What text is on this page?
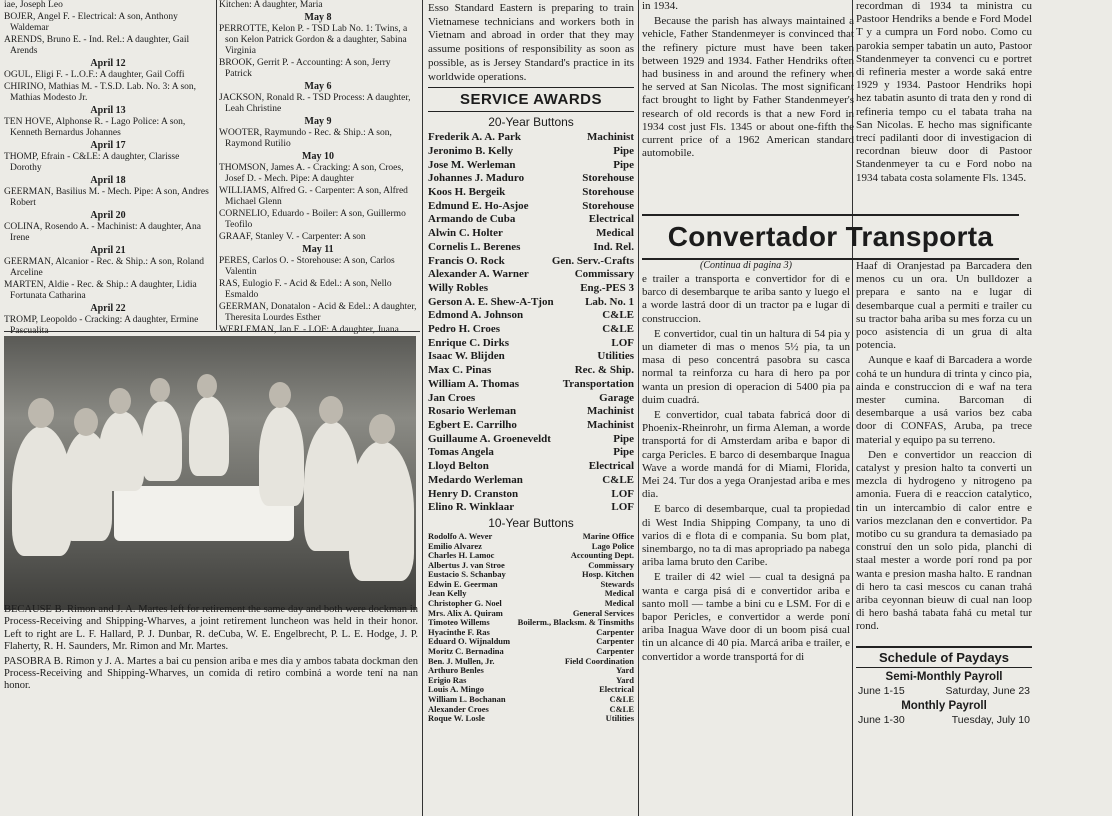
iae, Joseph Leo

BOJER, Angel F. - Electrical: A son, Anthony Waldemar

ARENDS, Bruno E. - Ind. Rel.: A daughter, Gail Arends

April 12

OGUL, Eligi F. - L.O.F.: A daughter, Gail Coffi

CHIRINO, Mathias M. - T.S.D. Lab. No. 3: A son, Mathias Modesto Jr.

April 13

TEN HOVE, Alphonse R. - Lago Police: A son, Kenneth Bernardus Johannes

April 17

THOMP, Efrain - C&LE: A daughter, Clarisse Dorothy

April 18

GEERMAN, Basilius M. - Mech. Pipe: A son, Andres Robert

April 20

COLINA, Rosendo A. - Machinist: A daughter, Ana Irene

April 21

GEERMAN, Alcanior - Rec. & Ship.: A son, Roland Arceline

MARTEN, Aldie - Rec. & Ship.: A daughter, Lidia Fortunata Catharina

April 22

TROMP, Leopoldo - Cracking: A daughter, Ermine Pascualita

Kitchen: A daughter, Maria

May 8

PERROTTE, Kelon P. - TSD Lab No. 1: Twins, a son Kelon Patrick Gordon & a daughter, Sabina Virginia

BROOK, Gerrit P. - Accounting: A son, Jerry Patrick

May 6

JACKSON, Ronald R. - TSD Process: A daughter, Leah Christine

May 9

WOOTER, Raymundo - Rec. & Ship.: A son, Raymond Rutilio

May 10

THOMSON, James A. - Cracking: A son, Croes, Josef D. - Mech. Pipe: A daughter

WILLIAMS, Alfred G. - Carpenter: A son, Alfred Michael Glenn

CORNELIO, Eduardo - Boiler: A son, Guillermo Teofilo

GRAAF, Stanley V. - Carpenter: A son

May 11

PERES, Carlos O. - Storehouse: A son, Carlos Valentin

RAS, Eulogio F. - Acid & Edel.: A son, Nello Esmaldo

GEERMAN, Donatalon - Acid & Edel.: A daughter, Theresita Lourdes Esther

WERLEMAN, Jan F. - LOF: A daughter, Juana

BECAUSE B. Rimon and J. A. Martes left for retirement the same day and both were dockman in Process-Receiving and Shipping-Wharves, a joint retirement luncheon was held in their honor. Left to right are L. F. Hallard, P. J. Dunbar, R. deCuba, W. E. Engelbrecht, P. L. E. Hodge, J. P. Flaherty, R. H. Saunders, Mr. Rimon and Mr. Martes.

PASOBRA B. Rimon y J. A. Martes a bai cu pension ariba e mes dia y ambos tabata dockman den Process-Receiving and Shipping-Wharves, un comida di retiro combiná a worde tení na nan honor.

Esso Standard Eastern is preparing to train Vietnamese technicians and workers both in Vietnam and abroad in order that they may assume positions of responsibility as soon as possible, as is Jersey Standard's practice in its worldwide operations.

SERVICE AWARDS
20-Year Buttons
Frederik A. A. Park	Machinist
Jeronimo B. Kelly	Pipe
Jose M. Werleman	Pipe
Johannes J. Maduro	Storehouse
Koos H. Bergeik	Storehouse
Edmund E. Ho-Asjoe	Storehouse
Armando de Cuba	Electrical
Alwin C. Holter	Medical
Cornelis L. Berenes	Ind. Rel.
Francis O. Rock	Gen. Serv.-Crafts
Alexander A. Warner	Commissary
Willy Robles	Eng.-PES 3
Gerson A. E. Shew-A-Tjon	Lab. No. 1
Edmond A. Johnson	C&LE
Pedro H. Croes	C&LE
Enrique C. Dirks	LOF
Isaac W. Blijden	Utilities
Max C. Pinas	Rec. & Ship.
William A. Thomas	Transportation
Jan Croes	Garage
Rosario Werleman	Machinist
Egbert E. Carrilho	Machinist
Guillaume A. Groeneveldt	Pipe
Tomas Angela	Pipe
Lloyd Belton	Electrical
Medardo Werleman	C&LE
Henry D. Cranston	LOF
Elino R. Winklaar	LOF
10-Year Buttons
Rodolfo A. Wever	Marine Office
Emilio Alvarez	Lago Police
Charles H. Lamoc	Accounting Dept.
Albertus J. van Stroe	Commissary
Eustacio S. Schanbay	Hosp. Kitchen
Edwin E. Geerman	Stewards
Jean Kelly	Medical
Christopher G. Noel	Medical
Mrs. Alix A. Quiram	General Services
Timoteo Willems	Boilerm., Blacksm. & Tinsmiths
Hyacinthe F. Ras	Carpenter
Eduard O. Wijnaldum	Carpenter
Moritz C. Bernadina	Carpenter
Ben. J. Mullen, Jr.	Field Coordination
Arthuro Benles	Yard
Erigio Ras	Yard
Louis A. Mingo	Electrical
William L. Bochanan	C&LE
Alexander Croes	C&LE
Roque W. Losle	Utilities

in 1934.

Because the parish has always maintained a vehicle, Father Standenmeyer is convinced that the refinery picture must have been taken between 1929 and 1934. Father Hendriks often had business in and around the refinery when he served at San Nicolas. The most significant fact brought to light by Father Standenmeyer's research of old records is that a new Ford in 1934 cost just Fls. 1345 or about one-fifth the current price of a 1962 American standard automobile.

recordman di 1934 ta ministra cu Pastoor Hendriks a bende e Ford Model T y a cumpra un Ford nobo. Como cu parokia semper tabatin un auto, Pastoor Standenmeyer ta convenci cu e portret di refineria mester a worde saká entre 1929 y 1934. Pastoor Hendriks hopi hez tabatin asunto di trata den y rond di refineria tempo cu el tabata traha na San Nicolas. E hecho mas significante trecí padilanti door di investigacion di recordnan bieuw door di Pastoor Standenmeyer ta cu e Ford nobo na 1934 tabata costa solamente Fls. 1345.

Convertador Transporta

(Continua di pagina 3)

e trailer a transporta e convertidor for di e barco di desembarque te ariba santo y luego el a worde lastrá door di un tractor pa e lugar di construccion.

E convertidor, cual tin un haltura di 54 pia y un diameter di mas o menos 5½ pia, ta un masa di peso concentrá pasobra su casca normal ta reinforza cu hara di hero pa por wanta un presion di operacion di 5400 pia pa duim cuadrá.

E convertidor, cual tabata fabricá door di Phoenix-Rheinrohr, un firma Aleman, a worde transportá for di Amsterdam ariba e bapor di carga Pericles. E barco di desembarque Inagua Wave a worde mandá for di Miami, Florida, Mei 24. Tur dos a yega Oranjestad ariba e mes dia.

E barco di desembarque, cual ta propiedad di West India Shipping Company, ta uno di varios di e flota di e compania. Su bom plat, sinembargo, no ta di mas apropriado pa nabega ariba lama bruto den Caribe.

E trailer di 42 wiel — cual ta designá pa wanta e carga pisá di e convertidor ariba e santo moll — tambe a bini cu e LSM. For di e bapor Pericles, e convertidor a werde poní ariba Inagua Wave door di un boom pisá cual tin un alcance di 40 pia. Marcá ariba e trailer, e convertidor a worde transportá for di

Haaf di Oranjestad pa Barcadera den menos cu un ora. Un bulldozer a prepara e santo na e lugar di desembarque cual a permiti e trailer cu su tractor baha ariba su mes forza cu un poco asistencia di un grua di alta potencia.

Aunque e kaaf di Barcadera a worde cohá te un hundura di trinta y cinco pia, ainda e construccion di e waf na tera mester cumina. Barcoman di desembarque a usá varios bez caba door di CONFAS, Aruba, pa trece material y equipo pa su terreno.

Den e convertidor un reaccion di catalyst y presion halto ta converti un mezcla di hydrogeno y nitrogeno pa amonia. Fuera di e reaccion catalytico, tin un intercambio di calor entre e varios mezclanan den e convertidor. Pa motibo cu su grandura ta demasiado pa construí den un solo pida, planchi di staal mester a worde porí rond pa por wanta e presion masha halto. E randnan di hero ta casi mescos cu canan trahá ariba ceyonnan bieuw di cual nan loop di hero bashá tabata fahá cu metal tur rond.

Schedule of Paydays
Semi-Monthly Payroll
June 1-15	Saturday, June 23
Monthly Payroll
June 1-30	Tuesday, July 10
